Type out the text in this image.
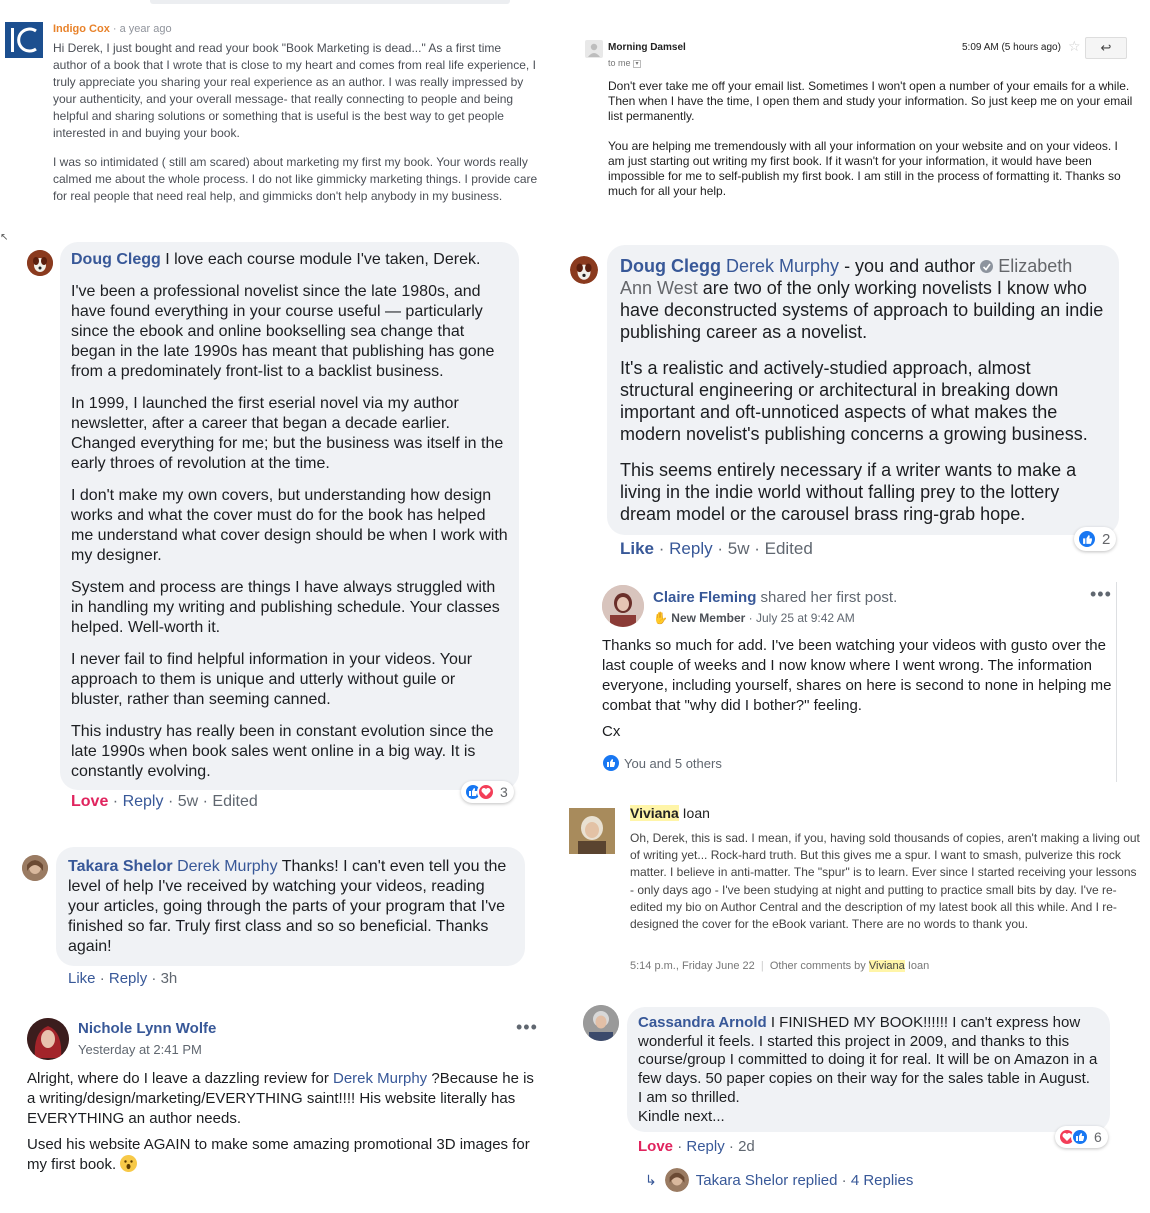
Indigo Cox · a year ago

Hi Derek, I just bought and read your book "Book Marketing is dead..." As a first time author of a book that I wrote that is close to my heart and comes from real life experience, I truly appreciate you sharing your real experience as an author. I was really impressed by your authenticity, and your overall message- that really connecting to people and being helpful and sharing solutions or something that is useful is the best way to get people interested in and buying your book.

I was so intimidated ( still am scared) about marketing my first my book. Your words really calmed me about the whole process. I do not like gimmicky marketing things. I provide care for real people that need real help, and gimmicks don't help anybody in my business.

Morning Damsel
to me ▾
5:09 AM (5 hours ago) ☆	↩

Don't ever take me off your email list. Sometimes I won't open a number of your emails for a while. Then when I have the time, I open them and study your information. So just keep me on your email list permanently.

You are helping me tremendously with all your information on your website and on your videos. I am just starting out writing my first book. If it wasn't for your information, it would have been impossible for me to self-publish my first book. I am still in the process of formatting it. Thanks so much for all your help.

↖

Doug Clegg I love each course module I've taken, Derek.

I've been a professional novelist since the late 1980s, and have found everything in your course useful — particularly since the ebook and online bookselling sea change that began in the late 1990s has meant that publishing has gone from a predominately front-list to a backlist business.

In 1999, I launched the first eserial novel via my author newsletter, after a career that began a decade earlier. Changed everything for me; but the business was itself in the early throes of revolution at the time.

I don't make my own covers, but understanding how design works and what the cover must do for the book has helped me understand what cover design should be when I work with my designer.

System and process are things I have always struggled with in handling my writing and publishing schedule. Your classes helped. Well-worth it.

I never fail to find helpful information in your videos. Your approach to them is unique and utterly without guile or bluster, rather than seeming canned.

This industry has really been in constant evolution since the late 1990s when book sales went online in a big way. It is constantly evolving.

3
Love · Reply · 5w · Edited

Doug Clegg Derek Murphy - you and author Elizabeth Ann West are two of the only working novelists I know who have deconstructed systems of approach to building an indie publishing career as a novelist.

It's a realistic and actively-studied approach, almost structural engineering or architectural in breaking down important and oft-unnoticed aspects of what makes the modern novelist's publishing concerns a growing business.

This seems entirely necessary if a writer wants to make a living in the indie world without falling prey to the lottery dream model or the carousel brass ring-grab hope.

2
Like · Reply · 5w · Edited
Claire Fleming shared her first post.
✋ New Member · July 25 at 9:42 AM
•••

Thanks so much for add. I've been watching your videos with gusto over the last couple of weeks and I now know where I went wrong. The information everyone, including yourself, shares on here is second to none in helping me combat that "why did I bother?" feeling.

Cx

You and 5 others
Takara Shelor Derek Murphy Thanks! I can't even tell you the level of help I've received by watching your videos, reading your articles, going through the parts of your program that I've finished so far. Truly first class and so so beneficial. Thanks again!
Like · Reply · 3h
Viviana Ioan
Oh, Derek, this is sad. I mean, if you, having sold thousands of copies, aren't making a living out of writing yet... Rock-hard truth. But this gives me a spur. I want to smash, pulverize this rock matter. I believe in anti-matter. The "spur" is to learn. Ever since I started receiving your lessons - only days ago - I've been studying at night and putting to practice small bits by day. I've re-edited my bio on Author Central and the description of my latest book all this while. And I re-designed the cover for the eBook variant. There are no words to thank you.
5:14 p.m., Friday June 22  |  Other comments by Viviana Ioan
Nichole Lynn Wolfe
Yesterday at 2:41 PM
•••

Alright, where do I leave a dazzling review for Derek Murphy ?Because he is a writing/design/marketing/EVERYTHING saint!!!! His website literally has EVERYTHING an author needs.

Used his website AGAIN to make some amazing promotional 3D images for my first book.

Cassandra Arnold I FINISHED MY BOOK!!!!!! I can't express how wonderful it feels. I started this project in 2009, and thanks to this course/group I committed to doing it for real. It will be on Amazon in a few days. 50 paper copies on their way for the sales table in August. I am so thrilled.
Kindle next...
6
Love · Reply · 2d
↳	Takara Shelor replied · 4 Replies
